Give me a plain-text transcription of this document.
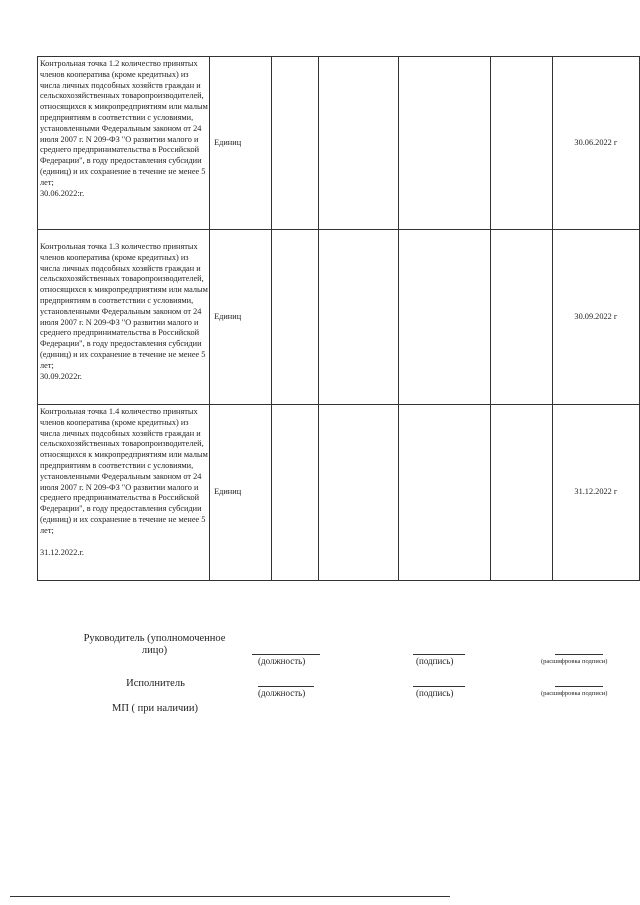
Контрольная точка 1.2 количество принятых членов кооператива (кроме кредитных) из числа личных подсобных хозяйств граждан и сельскохозяйственных товаропроизводителей, относящихся к микропредприятиям или малым предприятиям в соответствии с условиями, установленными Федеральным законом от 24 июля 2007 г. N 209-ФЗ "О развитии малого и среднего предпринимательства в Российской Федерации", в году предоставления субсидии (единиц) и их сохранение в течение не менее 5 лет;
30.06.2022:г.	Единиц					30.06.2022 г

Контрольная точка 1.3 количество принятых членов кооператива (кроме кредитных) из числа личных подсобных хозяйств граждан и сельскохозяйственных товаропроизводителей, относящихся к микропредприятиям или малым предприятиям в соответствии с условиями, установленными Федеральным законом от 24 июля 2007 г. N 209-ФЗ "О развитии малого и среднего предпринимательства в Российской Федерации", в году предоставления субсидии (единиц) и их сохранение в течение не менее 5 лет;
30.09.2022г.	Единиц					30.09.2022 г

Контрольная точка 1.4 количество принятых членов кооператива (кроме кредитных) из числа личных подсобных хозяйств граждан и сельскохозяйственных товаропроизводителей, относящихся к микропредприятиям или малым предприятиям в соответствии с условиями, установленными Федеральным законом от 24 июля 2007 г. N 209-ФЗ "О развитии малого и среднего предпринимательства в Российской Федерации", в году предоставления субсидии (единиц) и их сохранение в течение не менее 5 лет;
31.12.2022.г.	Единиц					31.12.2022 г
Руководитель (уполномоченное лицо)
(должность)	(подпись)	(расшифровка подписи)
Исполнитель
(должность)	(подпись)	(расшифровка подписи)
МП ( при наличии)
